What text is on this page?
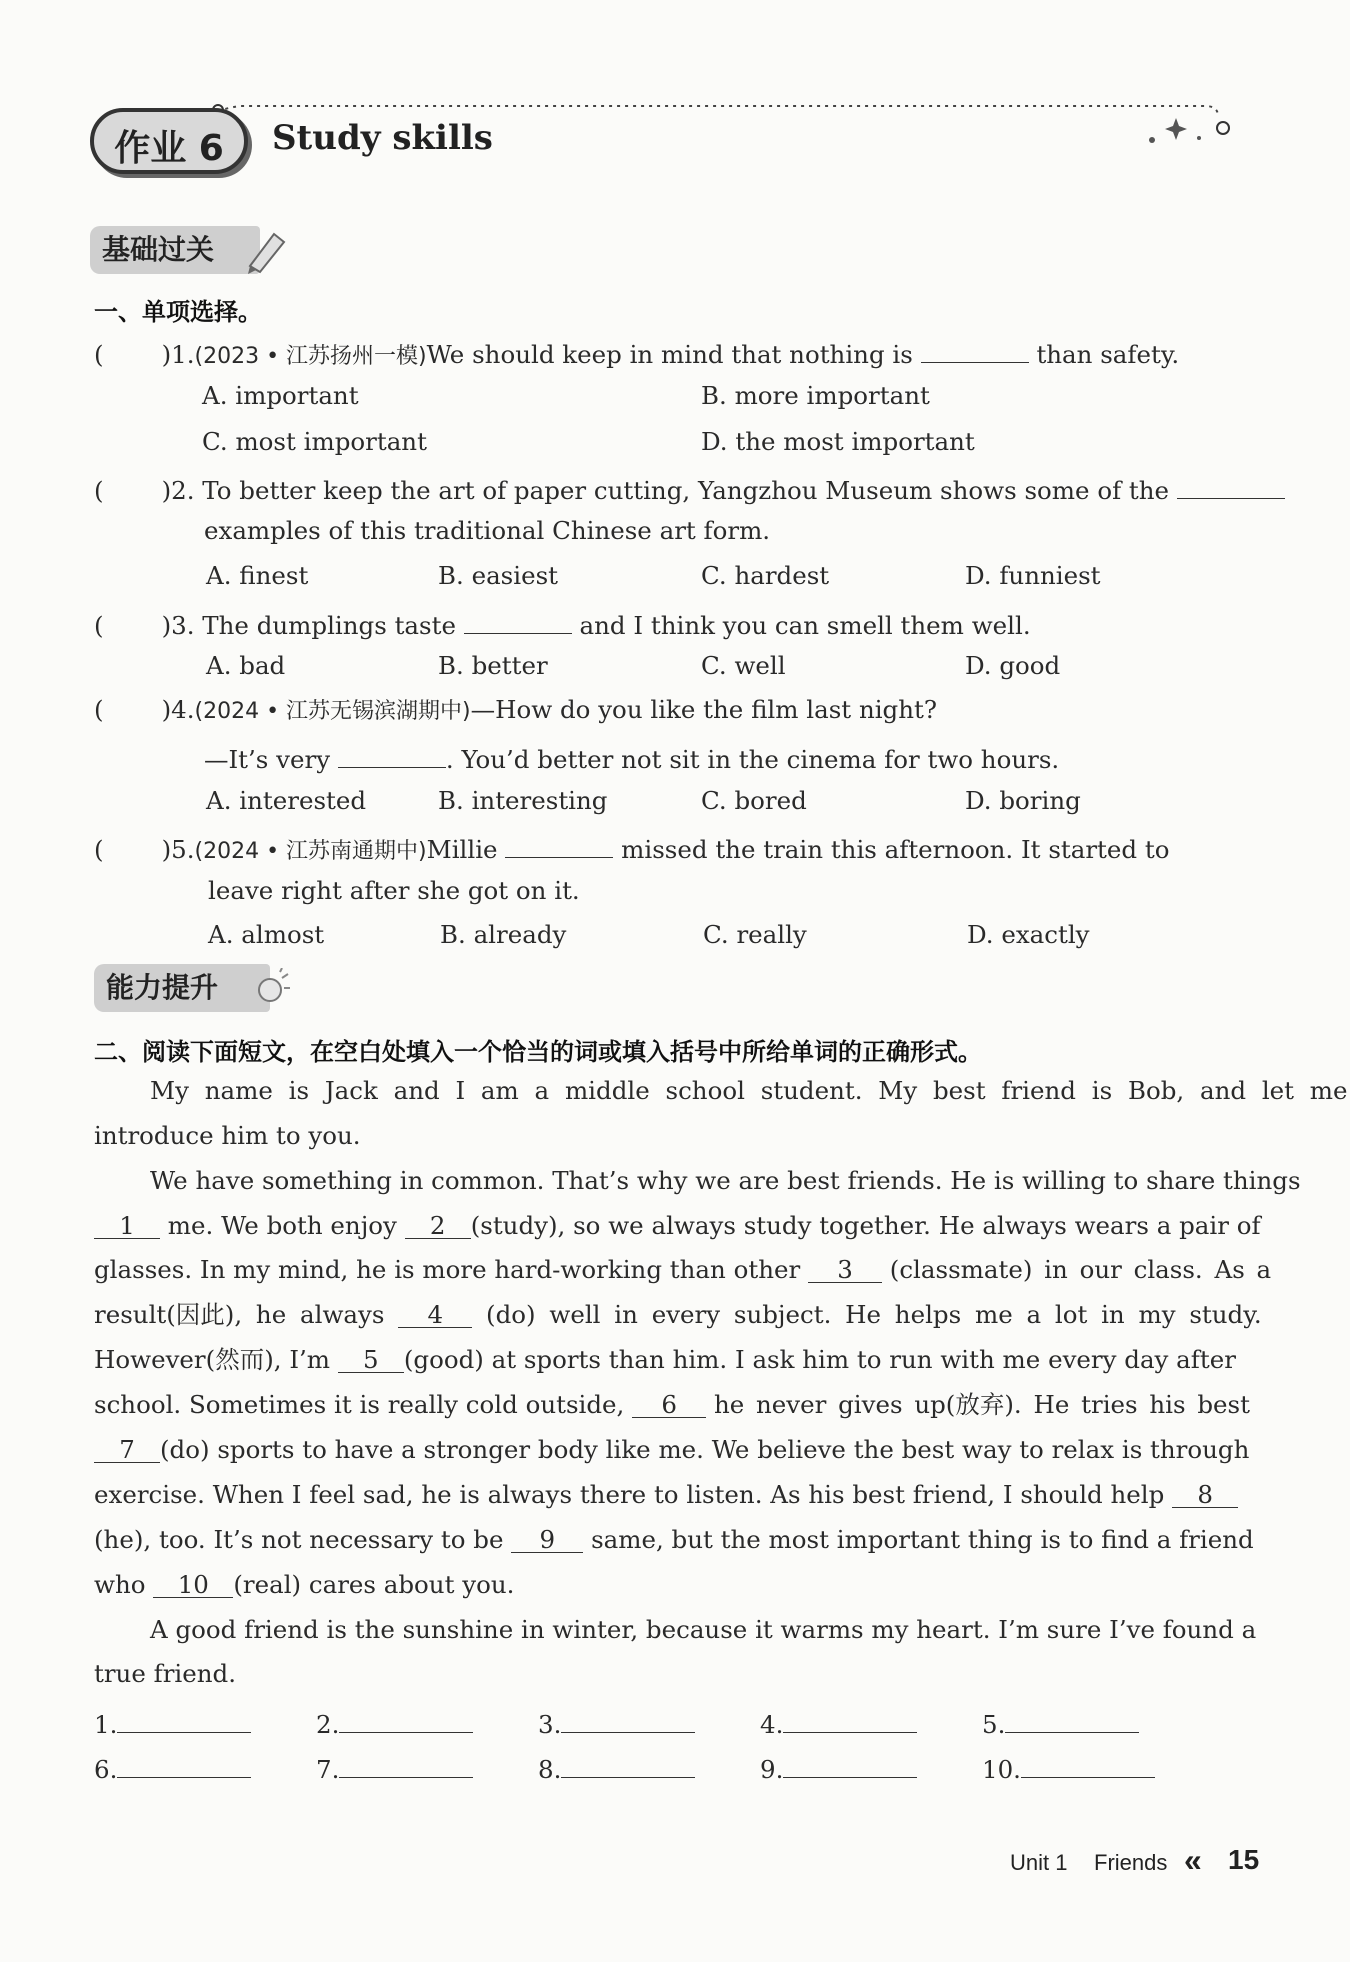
作业 6	Study skills
基础过关
一、单项选择。
( )1.(2023 • 江苏扬州一模)We should keep in mind that nothing is	than safety.
A. important	B. more important
C. most important	D. the most important
( )2. To better keep the art of paper cutting, Yangzhou Museum shows some of the
examples of this traditional Chinese art form.
A. finest	B. easiest	C. hardest	D. funniest
( )3. The dumplings taste	and I think you can smell them well.
A. bad	B. better	C. well	D. good
( )4.(2024 • 江苏无锡滨湖期中)—How do you like the film last night?
—It’s very	. You’d better not sit in the cinema for two hours.
A. interested	B. interesting	C. bored	D. boring
( )5.(2024 • 江苏南通期中)Millie	missed the train this afternoon. It started to
leave right after she got on it.
A. almost	B. already	C. really	D. exactly
能力提升
二、阅读下面短文，在空白处填入一个恰当的词或填入括号中所给单词的正确形式。
My name is Jack and I am a middle school student. My best friend is Bob, and let me
introduce him to you.
We have something in common. That’s why we are best friends. He is willing to share things
1 me. We both enjoy 2 (study), so we always study together. He always wears a pair of
glasses. In my mind, he is more hard-working than other 3 (classmate) in our class. As a
result(因此), he always 4 (do) well in every subject. He helps me a lot in my study.
However(然而), I’m 5 (good) at sports than him. I ask him to run with me every day after
school. Sometimes it is really cold outside, 6 he never gives up(放弃). He tries his best
7 (do) sports to have a stronger body like me. We believe the best way to relax is through
exercise. When I feel sad, he is always there to listen. As his best friend, I should help 8
(he), too. It’s not necessary to be 9 same, but the most important thing is to find a friend
who 10 (real) cares about you.
A good friend is the sunshine in winter, because it warms my heart. I’m sure I’ve found a
true friend.
1.	2.	3.	4.	5.
6.	7.	8.	9.	10.
Unit 1 Friends « 15
